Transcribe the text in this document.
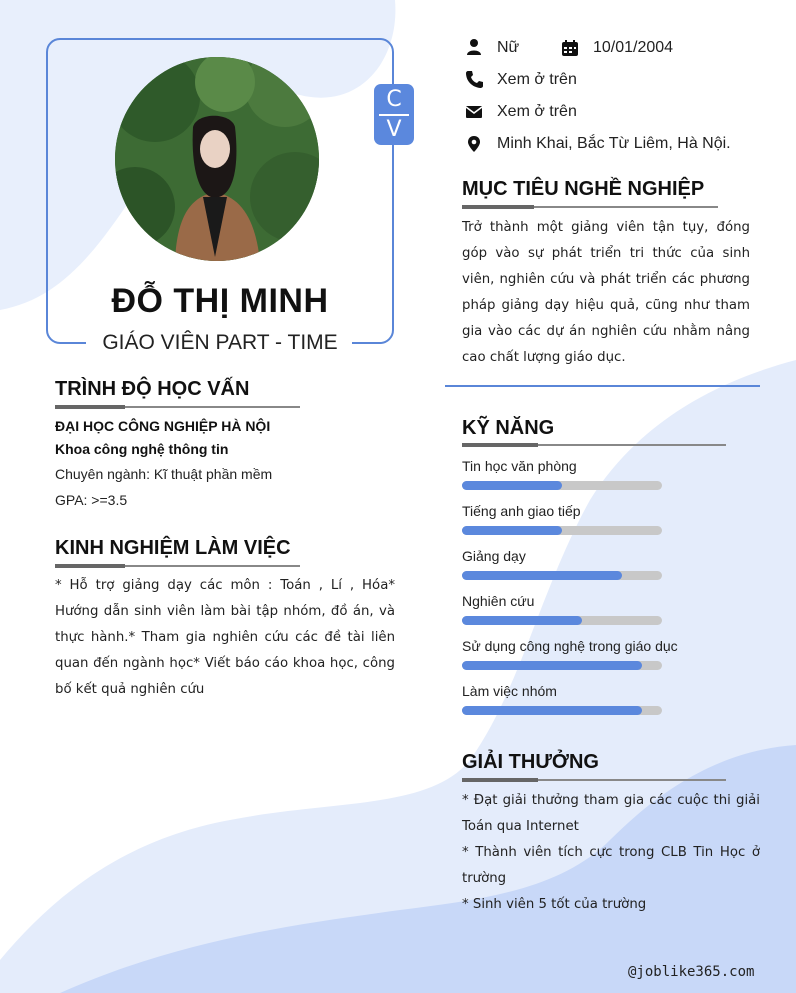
C
V
ĐỖ THỊ MINH
GIÁO VIÊN PART - TIME
Nữ	10/01/2004
Xem ở trên
Xem ở trên
Minh Khai, Bắc Từ Liêm, Hà Nội.
MỤC TIÊU NGHỀ NGHIỆP
Trở thành một giảng viên tận tụy, đóng góp vào sự phát triển tri thức của sinh viên, nghiên cứu và phát triển các phương pháp giảng dạy hiệu quả, cũng như tham gia vào các dự án nghiên cứu nhằm nâng cao chất lượng giáo dục.
TRÌNH ĐỘ HỌC VẤN
ĐẠI HỌC CÔNG NGHIỆP HÀ NỘI
Khoa công nghệ thông tin
Chuyên ngành: Kĩ thuật phần mềm
GPA: >=3.5
KINH NGHIỆM LÀM VIỆC
* Hỗ trợ giảng dạy các môn : Toán , Lí , Hóa* Hướng dẫn sinh viên làm bài tập nhóm, đồ án, và thực hành.* Tham gia nghiên cứu các đề tài liên quan đến ngành học* Viết báo cáo khoa học, công bố kết quả nghiên cứu
KỸ NĂNG
Tin học văn phòng
Tiếng anh giao tiếp
Giảng dạy
Nghiên cứu
Sử dụng công nghệ trong giáo dục
Làm việc nhóm
GIẢI THƯỞNG
* Đạt giải thưởng tham gia các cuộc thi giải Toán qua Internet
* Thành viên tích cực trong CLB Tin Học ở trường
* Sinh viên 5 tốt của trường
@joblike365.com
